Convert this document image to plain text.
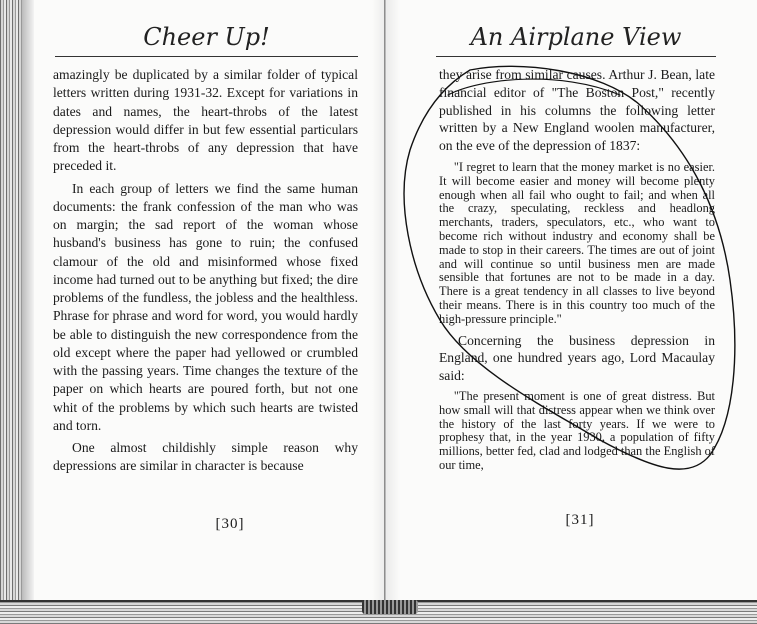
Cheer Up!

amazingly be duplicated by a similar folder of typical letters written during 1931-32. Except for variations in dates and names, the heart-throbs of the latest depression would differ in but few essential particulars from the heart-throbs of any depression that have preceded it.

In each group of letters we find the same human documents: the frank confession of the man who was on margin; the sad report of the woman whose husband's business has gone to ruin; the confused clamour of the old and misinformed whose fixed income had turned out to be anything but fixed; the dire problems of the fundless, the jobless and the healthless. Phrase for phrase and word for word, you would hardly be able to distinguish the new correspondence from the old except where the paper had yellowed or crumbled with the passing years. Time changes the texture of the paper on which hearts are poured forth, but not one whit of the problems by which such hearts are twisted and torn.

One almost childishly simple reason why depressions are similar in character is because

[30]
An Airplane View

they arise from similar causes. Arthur J. Bean, late financial editor of "The Boston Post," recently published in his columns the following letter written by a New England woolen manufacturer, on the eve of the depression of 1837:

"I regret to learn that the money market is no easier. It will become easier and money will become plenty enough when all fail who ought to fail; and when all the crazy, speculating, reckless and headlong merchants, traders, speculators, etc., who want to become rich without industry and economy shall be made to stop in their careers. The times are out of joint and will continue so until business men are made sensible that fortunes are not to be made in a day. There is a great tendency in all classes to live beyond their means. There is in this country too much of the high-pressure principle."

Concerning the business depression in England, one hundred years ago, Lord Macaulay said:

"The present moment is one of great distress. But how small will that distress appear when we think over the history of the last forty years. If we were to prophesy that, in the year 1930, a population of fifty millions, better fed, clad and lodged than the English of our time,

[31]
